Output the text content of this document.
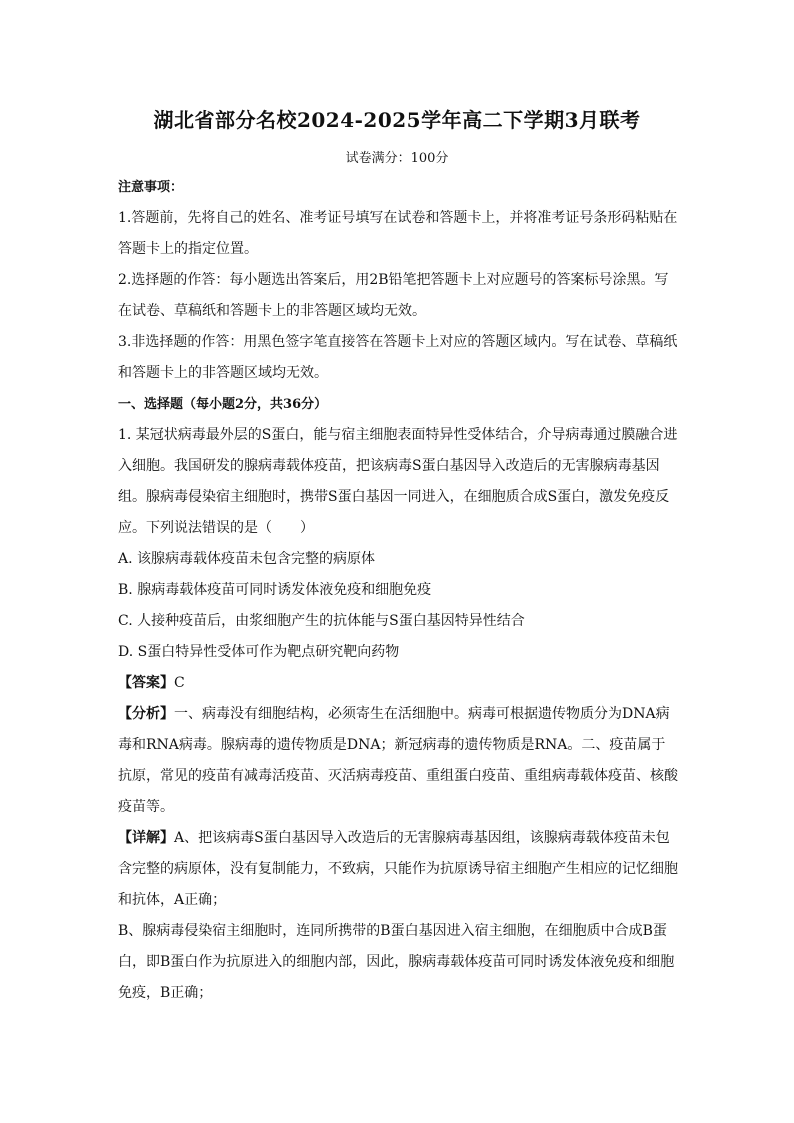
湖北省部分名校2024-2025学年高二下学期3月联考
试卷满分：100分

注意事项：

1.答题前，先将自己的姓名、准考证号填写在试卷和答题卡上，并将准考证号条形码粘贴在答题卡上的指定位置。

2.选择题的作答：每小题选出答案后，用2B铅笔把答题卡上对应题号的答案标号涂黑。写在试卷、草稿纸和答题卡上的非答题区域均无效。

3.非选择题的作答：用黑色签字笔直接答在答题卡上对应的答题区域内。写在试卷、草稿纸和答题卡上的非答题区域均无效。

一、选择题（每小题2分，共36分）

1. 某冠状病毒最外层的S蛋白，能与宿主细胞表面特异性受体结合，介导病毒通过膜融合进入细胞。我国研发的腺病毒载体疫苗，把该病毒S蛋白基因导入改造后的无害腺病毒基因组。腺病毒侵染宿主细胞时，携带S蛋白基因一同进入，在细胞质合成S蛋白，激发免疫反应。下列说法错误的是（　　）

A. 该腺病毒载体疫苗未包含完整的病原体

B. 腺病毒载体疫苗可同时诱发体液免疫和细胞免疫

C. 人接种疫苗后，由浆细胞产生的抗体能与S蛋白基因特异性结合

D. S蛋白特异性受体可作为靶点研究靶向药物

【答案】C

【分析】一、病毒没有细胞结构，必须寄生在活细胞中。病毒可根据遗传物质分为DNA病毒和RNA病毒。腺病毒的遗传物质是DNA；新冠病毒的遗传物质是RNA。二、疫苗属于抗原，常见的疫苗有减毒活疫苗、灭活病毒疫苗、重组蛋白疫苗、重组病毒载体疫苗、核酸疫苗等。

【详解】A、把该病毒S蛋白基因导入改造后的无害腺病毒基因组，该腺病毒载体疫苗未包含完整的病原体，没有复制能力，不致病，只能作为抗原诱导宿主细胞产生相应的记忆细胞和抗体，A正确；

B、腺病毒侵染宿主细胞时，连同所携带的B蛋白基因进入宿主细胞，在细胞质中合成B蛋白，即B蛋白作为抗原进入的细胞内部，因此，腺病毒载体疫苗可同时诱发体液免疫和细胞免疫，B正确；
